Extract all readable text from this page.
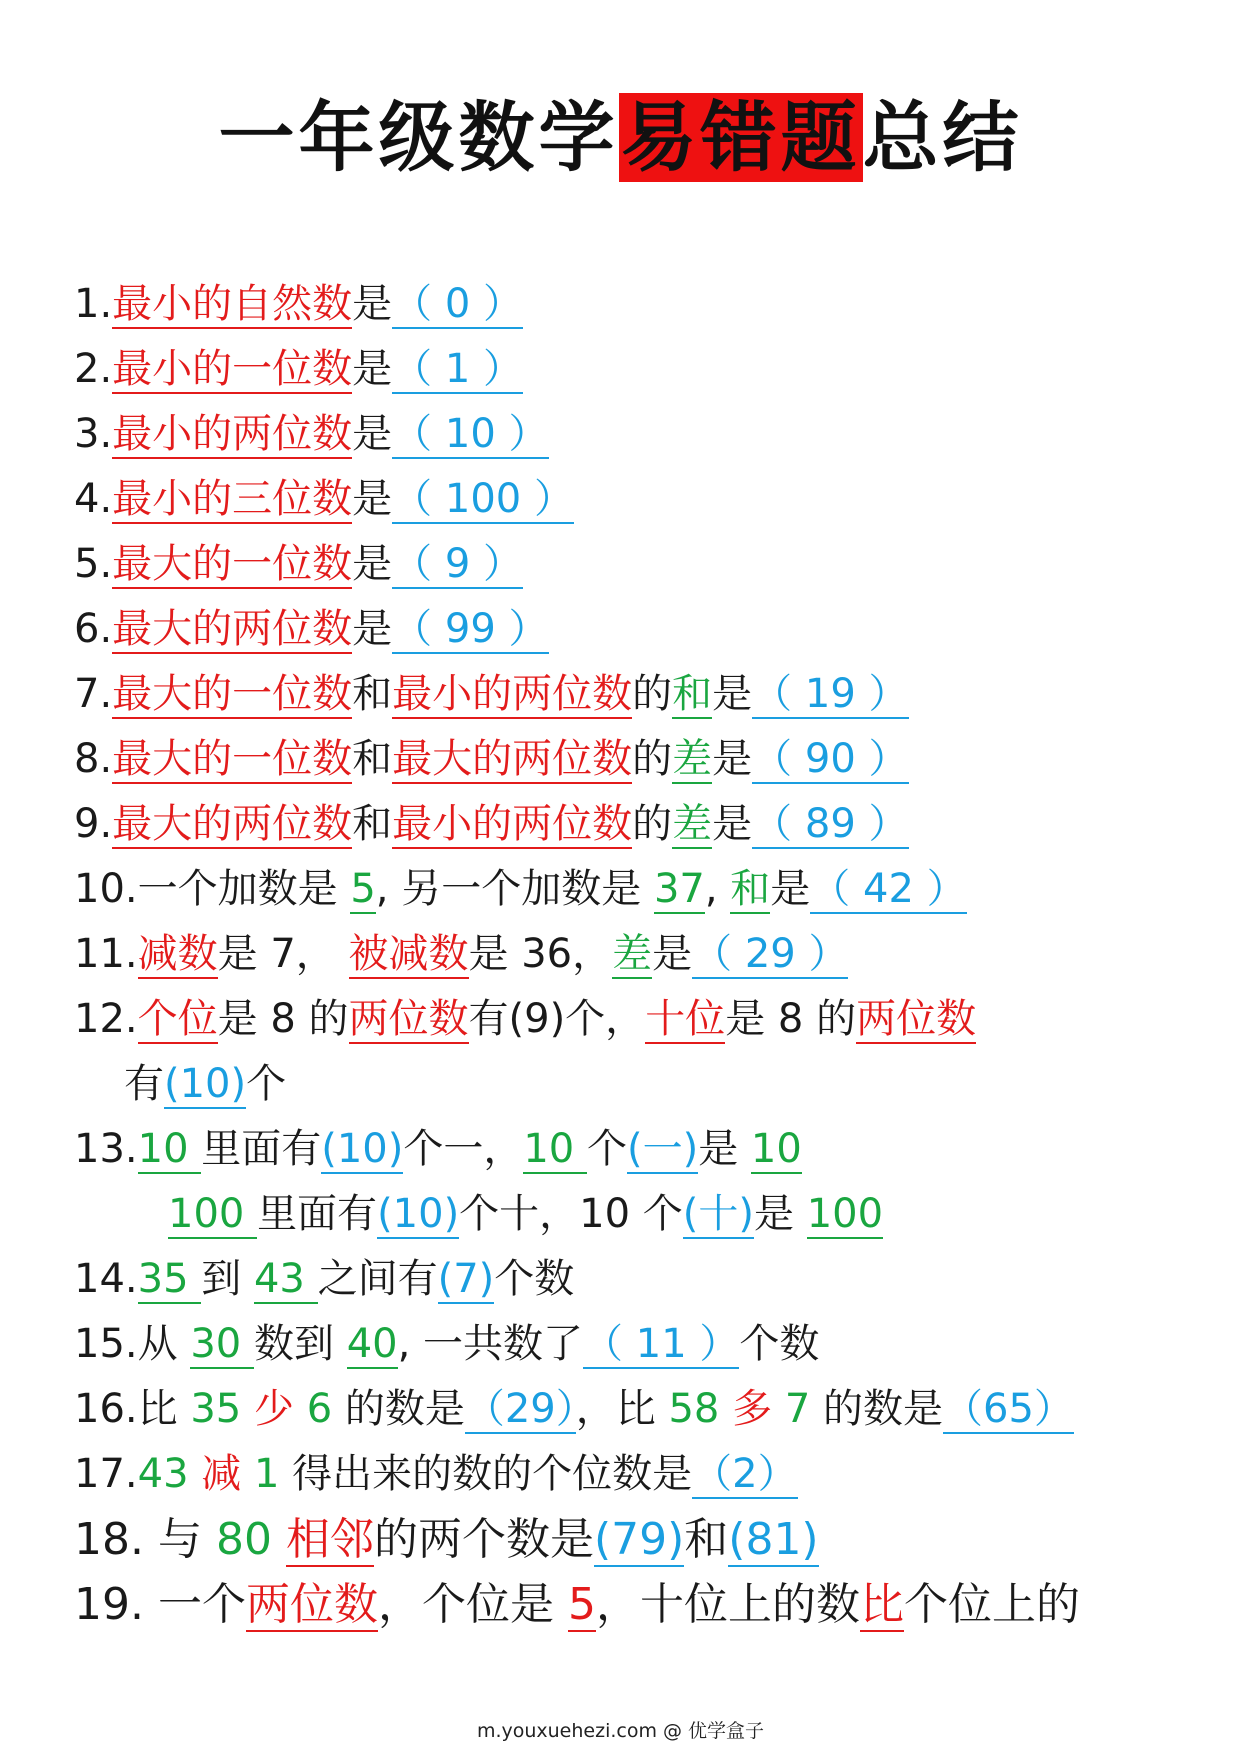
一年级数学易错题总结
1.最小的自然数是（ 0 ）
2.最小的一位数是（ 1 ）
3.最小的两位数是（ 10 ）
4.最小的三位数是（ 100 ）
5.最大的一位数是（ 9 ）
6.最大的两位数是（ 99 ）
7.最大的一位数和最小的两位数的和是（ 19 ）
8.最大的一位数和最大的两位数的差是（ 90 ）
9.最大的两位数和最小的两位数的差是（ 89 ）
10.一个加数是 5, 另一个加数是 37, 和是（ 42 ）
11.减数是 7， 被减数是 36，差是（ 29 ）
12.个位是 8 的两位数有(9)个，十位是 8 的两位数
有(10)个
13.10 里面有(10)个一，10 个(一)是 10
100 里面有(10)个十，10 个(十)是 100
14.35 到 43 之间有(7)个数
15.从 30 数到 40, 一共数了（ 11 ）个数
16.比 35 少 6 的数是（29），比 58 多 7 的数是（65）
17.43 减 1 得出来的数的个位数是（2）
18. 与 80 相邻的两个数是(79)和(81)
19. 一个两位数，个位是 5，十位上的数比个位上的
m.youxuehezi.com @ 优学盒子
